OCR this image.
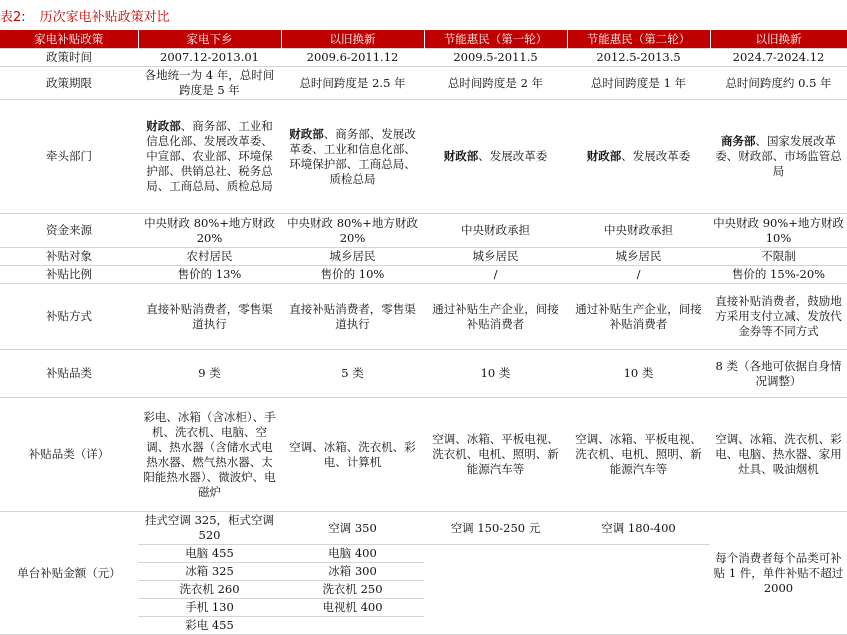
表2: 历次家电补贴政策对比
家电补贴政策	家电下乡	以旧换新	节能惠民（第一轮）	节能惠民（第二轮）	以旧换新
政策时间	2007.12-2013.01	2009.6-2011.12	2009.5-2011.5	2012.5-2013.5	2024.7-2024.12
政策期限	各地统一为 4 年，总时间跨度是 5 年	总时间跨度是 2.5 年	总时间跨度是 2 年	总时间跨度是 1 年	总时间跨度约 0.5 年
牵头部门	财政部、商务部、工业和信息化部、发展改革委、中宣部、农业部、环境保护部、供销总社、税务总局、工商总局、质检总局	财政部、商务部、发展改革委、工业和信息化部、环境保护部、工商总局、质检总局	财政部、发展改革委	财政部、发展改革委	商务部、国家发展改革委、财政部、市场监管总局
资金来源	中央财政 80%+地方财政 20%	中央财政 80%+地方财政 20%	中央财政承担	中央财政承担	中央财政 90%+地方财政 10%
补贴对象	农村居民	城乡居民	城乡居民	城乡居民	不限制
补贴比例	售价的 13%	售价的 10%	/	/	售价的 15%-20%
补贴方式	直接补贴消费者，零售渠道执行	直接补贴消费者，零售渠道执行	通过补贴生产企业，间接补贴消费者	通过补贴生产企业，间接补贴消费者	直接补贴消费者，鼓励地方采用支付立减、发放代金券等不同方式
补贴品类	9 类	5 类	10 类	10 类	8 类（各地可依据自身情况调整）
补贴品类（详）	彩电、冰箱（含冰柜）、手机、洗衣机、电脑、空调、热水器（含储水式电热水器、燃气热水器、太阳能热水器）、微波炉、电磁炉	空调、冰箱、洗衣机、彩电、计算机	空调、冰箱、平板电视、洗衣机、电机、照明、新能源汽车等	空调、冰箱、平板电视、洗衣机、电机、照明、新能源汽车等	空调、冰箱、洗衣机、彩电、电脑、热水器、家用灶具、吸油烟机
单台补贴金额（元）	挂式空调 325，柜式空调 520	空调 350	空调 150-250 元	空调 180-400	每个消费者每个品类可补贴 1 件，单件补贴不超过 2000
	电脑 455	电脑 400			
	冰箱 325	冰箱 300			
	洗衣机 260	洗衣机 250			
	手机 130	电视机 400			
	彩电 455				
